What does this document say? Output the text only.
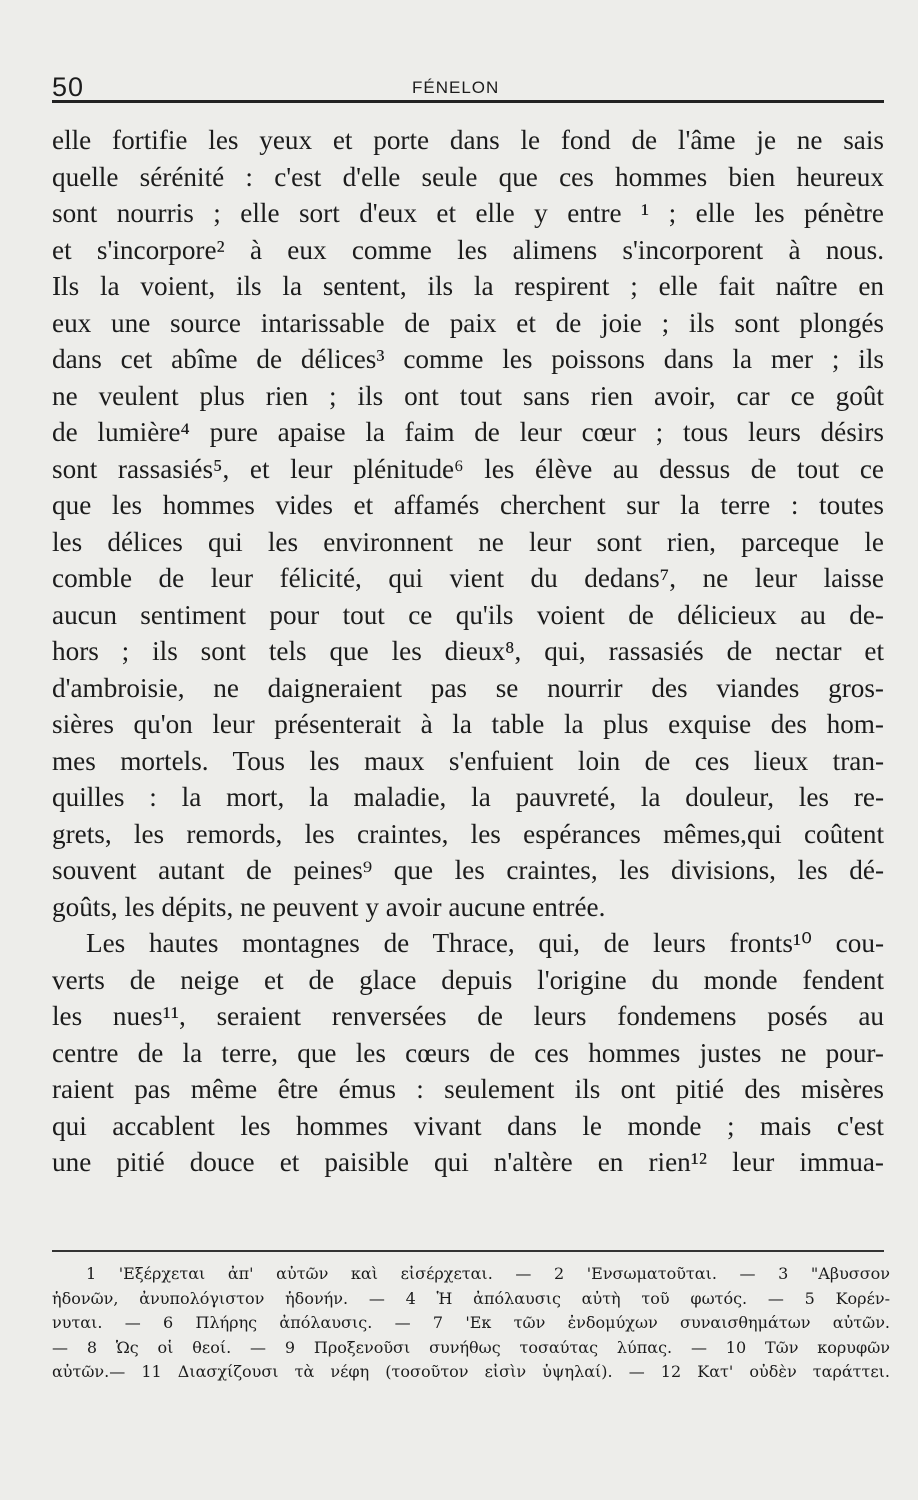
50	FÉNELON
elle fortifie les yeux et porte dans le fond de l'âme je ne sais
quelle sérénité : c'est d'elle seule que ces hommes bien heureux
sont nourris ; elle sort d'eux et elle y entre ¹ ; elle les pénètre
et s'incorpore² à eux comme les alimens s'incorporent à nous.
Ils la voient, ils la sentent, ils la respirent ; elle fait naître en
eux une source intarissable de paix et de joie ; ils sont plongés
dans cet abîme de délices³ comme les poissons dans la mer ; ils
ne veulent plus rien ; ils ont tout sans rien avoir, car ce goût
de lumière⁴ pure apaise la faim de leur cœur ; tous leurs désirs
sont rassasiés⁵, et leur plénitude⁶ les élève au dessus de tout ce
que les hommes vides et affamés cherchent sur la terre : toutes
les délices qui les environnent ne leur sont rien, parceque le
comble de leur félicité, qui vient du dedans⁷, ne leur laisse
aucun sentiment pour tout ce qu'ils voient de délicieux au de-
hors ; ils sont tels que les dieux⁸, qui, rassasiés de nectar et
d'ambroisie, ne daigneraient pas se nourrir des viandes gros-
sières qu'on leur présenterait à la table la plus exquise des hom-
mes mortels. Tous les maux s'enfuient loin de ces lieux tran-
quilles : la mort, la maladie, la pauvreté, la douleur, les re-
grets, les remords, les craintes, les espérances mêmes,qui coûtent
souvent autant de peines⁹ que les craintes, les divisions, les dé-
goûts, les dépits, ne peuvent y avoir aucune entrée.
Les hautes montagnes de Thrace, qui, de leurs fronts¹⁰ cou-
verts de neige et de glace depuis l'origine du monde fendent
les nues¹¹, seraient renversées de leurs fondemens posés au
centre de la terre, que les cœurs de ces hommes justes ne pour-
raient pas même être émus : seulement ils ont pitié des misères
qui accablent les hommes vivant dans le monde ; mais c'est
une pitié douce et paisible qui n'altère en rien¹² leur immua-
1 'Εξέρχεται ἀπ' αὐτῶν καὶ εἰσέρχεται. — 2 'Ενσωματοῦται. — 3 "Αβυσσον
ἡδονῶν, ἀνυπολόγιστον ἡδονήν. — 4 Ἡ ἀπόλαυσις αὐτὴ τοῦ φωτός. — 5 Κορέν-
νυται. — 6 Πλήρης ἀπόλαυσις. — 7 'Εκ τῶν ἐνδομύχων συναισθημάτων αὐτῶν.
— 8 Ὡς οἱ θεοί. — 9 Προξενοῦσι συνήθως τοσαύτας λύπας. — 10 Τῶν κορυφῶν
αὐτῶν.— 11 Διασχίζουσι τὰ νέφη (τοσοῦτον εἰσὶν ὑψηλαί). — 12 Κατ' οὐδὲν ταράττει.
